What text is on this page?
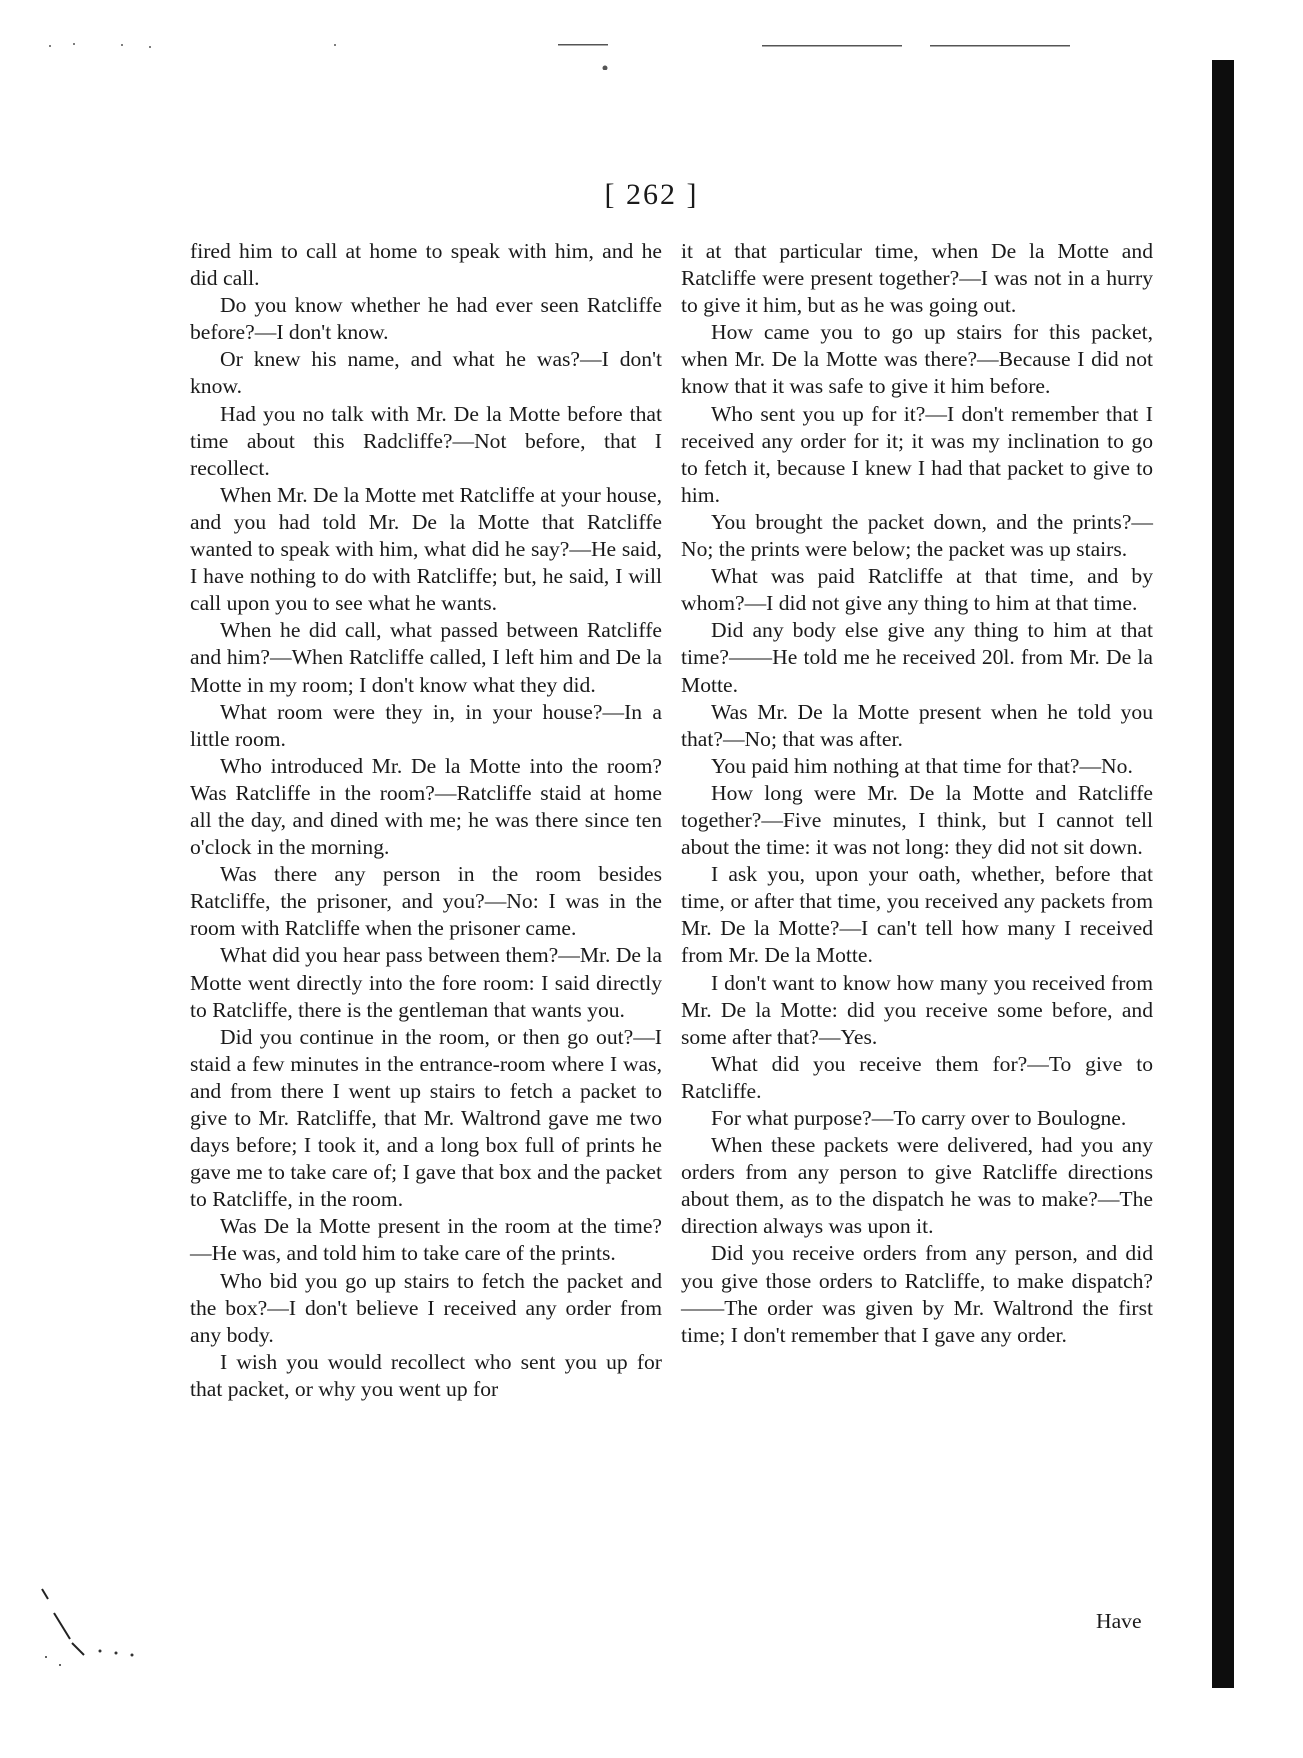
[ 262 ]

fired him to call at home to speak with him, and he did call.

Do you know whether he had ever seen Ratcliffe before?—I don't know.

Or knew his name, and what he was?—I don't know.

Had you no talk with Mr. De la Motte before that time about this Radcliffe?—Not before, that I recollect.

When Mr. De la Motte met Ratcliffe at your house, and you had told Mr. De la Motte that Ratcliffe wanted to speak with him, what did he say?—He said, I have nothing to do with Ratcliffe; but, he said, I will call upon you to see what he wants.

When he did call, what passed between Ratcliffe and him?—When Ratcliffe called, I left him and De la Motte in my room; I don't know what they did.

What room were they in, in your house?—In a little room.

Who introduced Mr. De la Motte into the room? Was Ratcliffe in the room?—Ratcliffe staid at home all the day, and dined with me; he was there since ten o'clock in the morning.

Was there any person in the room besides Ratcliffe, the prisoner, and you?—No: I was in the room with Ratcliffe when the prisoner came.

What did you hear pass between them?—Mr. De la Motte went directly into the fore room: I said directly to Ratcliffe, there is the gentleman that wants you.

Did you continue in the room, or then go out?—I staid a few minutes in the entrance-room where I was, and from there I went up stairs to fetch a packet to give to Mr. Ratcliffe, that Mr. Waltrond gave me two days before; I took it, and a long box full of prints he gave me to take care of; I gave that box and the packet to Ratcliffe, in the room.

Was De la Motte present in the room at the time?—He was, and told him to take care of the prints.

Who bid you go up stairs to fetch the packet and the box?—I don't believe I received any order from any body.

I wish you would recollect who sent you up for that packet, or why you went up for

it at that particular time, when De la Motte and Ratcliffe were present together?—I was not in a hurry to give it him, but as he was going out.

How came you to go up stairs for this packet, when Mr. De la Motte was there?—Because I did not know that it was safe to give it him before.

Who sent you up for it?—I don't remember that I received any order for it; it was my inclination to go to fetch it, because I knew I had that packet to give to him.

You brought the packet down, and the prints?—No; the prints were below; the packet was up stairs.

What was paid Ratcliffe at that time, and by whom?—I did not give any thing to him at that time.

Did any body else give any thing to him at that time?——He told me he received 20l. from Mr. De la Motte.

Was Mr. De la Motte present when he told you that?—No; that was after.

You paid him nothing at that time for that?—No.

How long were Mr. De la Motte and Ratcliffe together?—Five minutes, I think, but I cannot tell about the time: it was not long: they did not sit down.

I ask you, upon your oath, whether, before that time, or after that time, you received any packets from Mr. De la Motte?—I can't tell how many I received from Mr. De la Motte.

I don't want to know how many you received from Mr. De la Motte: did you receive some before, and some after that?—Yes.

What did you receive them for?—To give to Ratcliffe.

For what purpose?—To carry over to Boulogne.

When these packets were delivered, had you any orders from any person to give Ratcliffe directions about them, as to the dispatch he was to make?—The direction always was upon it.

Did you receive orders from any person, and did you give those orders to Ratcliffe, to make dispatch?——The order was given by Mr. Waltrond the first time; I don't remember that I gave any order.

Have
